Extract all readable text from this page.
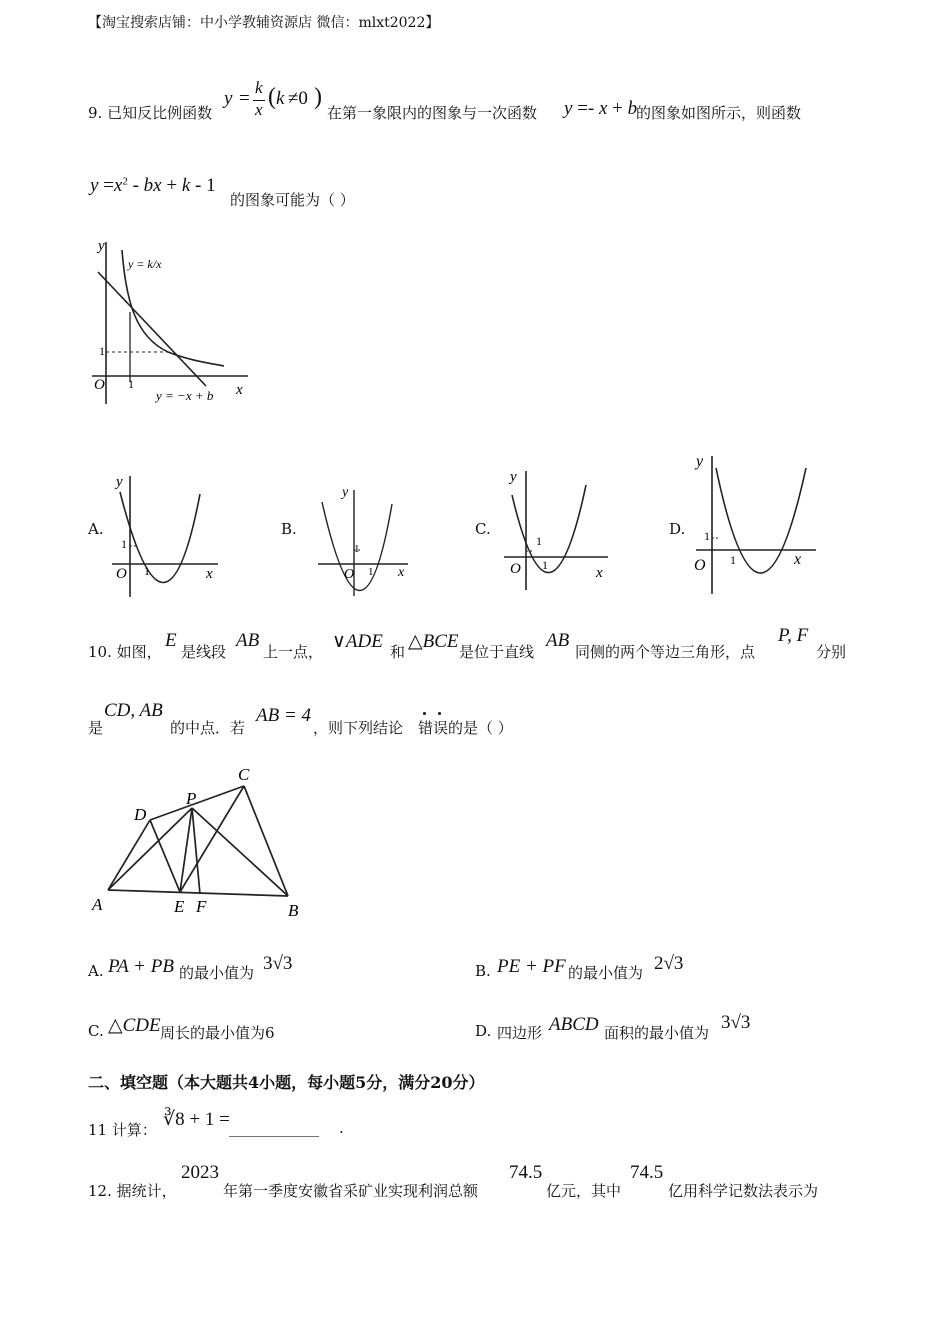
【淘宝搜索店铺：中小学教辅资源店 微信：mlxt2022】
9. 已知反比例函数
y =
k
x ( k ≠0 )
在第一象限内的图象与一次函数 y =- x + b
的图象如图所示，则函数
$y =x^2$ - bx + k - 1
的图象可能为（ ）
y
y = k/x
1
O 1	x
y = −x + b
A.
y
1
O 1	x
B.
y
1
O 1 x
C.
y
1
O 1	x
D.
y
1
O 1	x
10. 如图，
E
是线段
AB
上一点， ∨ADE 和 △BCE 是位于直线
AB
同侧的两个等边三角形，点
P, F
分别
是
CD, AB
的中点．若
AB = 4
，则下列结论 错误 的是（ ）
A	B
C
D
E F
P
A. PA + PB 的最小值为 3√3	B. PE + PF 的最小值为 2√3
C. △CDE 周长的最小值为6	D. 四边形 ABCD 面积的最小值为 3√3
二、填空题（本大题共4小题，每小题5分，满分20分）
11 计算： ∛8 + 1 = ____________ .
12. 据统计，
2023
年第一季度安徽省采矿业实现利润总额
74.5
亿元，其中
74.5
亿用科学记数法表示为
